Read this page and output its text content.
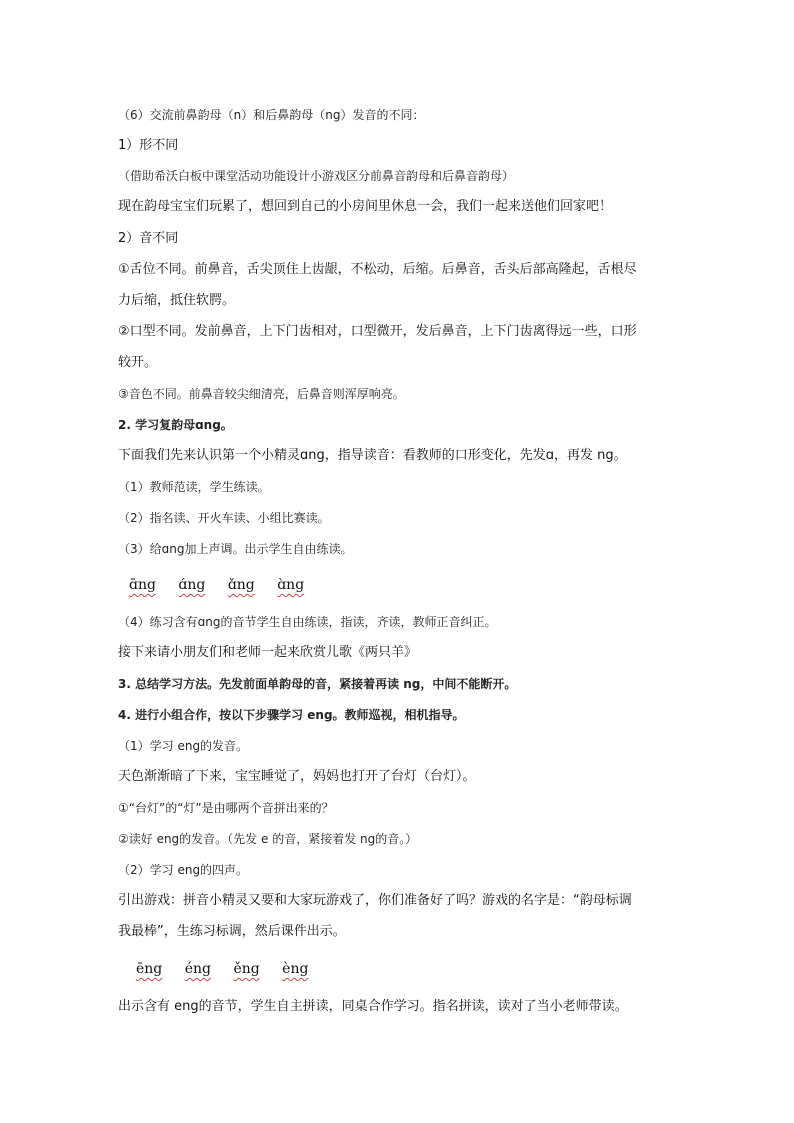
（6）交流前鼻韵母（n）和后鼻韵母（ng）发音的不同：
1）形不同
（借助希沃白板中课堂活动功能设计小游戏区分前鼻音韵母和后鼻音韵母）
现在韵母宝宝们玩累了，想回到自己的小房间里休息一会，我们一起来送他们回家吧！
2）音不同
①舌位不同。前鼻音，舌尖顶住上齿龈，不松动，后缩。后鼻音，舌头后部高隆起，舌根尽
力后缩，抵住软腭。
②口型不同。发前鼻音，上下门齿相对，口型微开，发后鼻音，上下门齿离得远一些，口形
较开。
③音色不同。前鼻音较尖细清亮，后鼻音则浑厚响亮。
2. 学习复韵母ɑng。
下面我们先来认识第一个小精灵ɑng，指导读音：看教师的口形变化，先发ɑ，再发 ng。
（1）教师范读，学生练读。
（2）指名读、开火车读、小组比赛读。
（3）给ɑng加上声调。出示学生自由练读。
ɑ̄ng ɑ́ng ɑ̌ng ɑ̀ng
（4）练习含有ɑng的音节学生自由练读，指读，齐读，教师正音纠正。
接下来请小朋友们和老师一起来欣赏儿歌《两只羊》
3. 总结学习方法。先发前面单韵母的音，紧接着再读 ng，中间不能断开。
4. 进行小组合作，按以下步骤学习 eng。教师巡视，相机指导。
（1）学习 eng的发音。
天色渐渐暗了下来，宝宝睡觉了，妈妈也打开了台灯（台灯）。
①“台灯”的“灯”是由哪两个音拼出来的？
②读好 eng的发音。（先发 e 的音，紧接着发 ng的音。）
（2）学习 eng的四声。
引出游戏：拼音小精灵又要和大家玩游戏了，你们准备好了吗？游戏的名字是：“韵母标调
我最棒”，生练习标调，然后课件出示。
ēng éng ěng èng
出示含有 eng的音节，学生自主拼读，同桌合作学习。指名拼读，读对了当小老师带读。
